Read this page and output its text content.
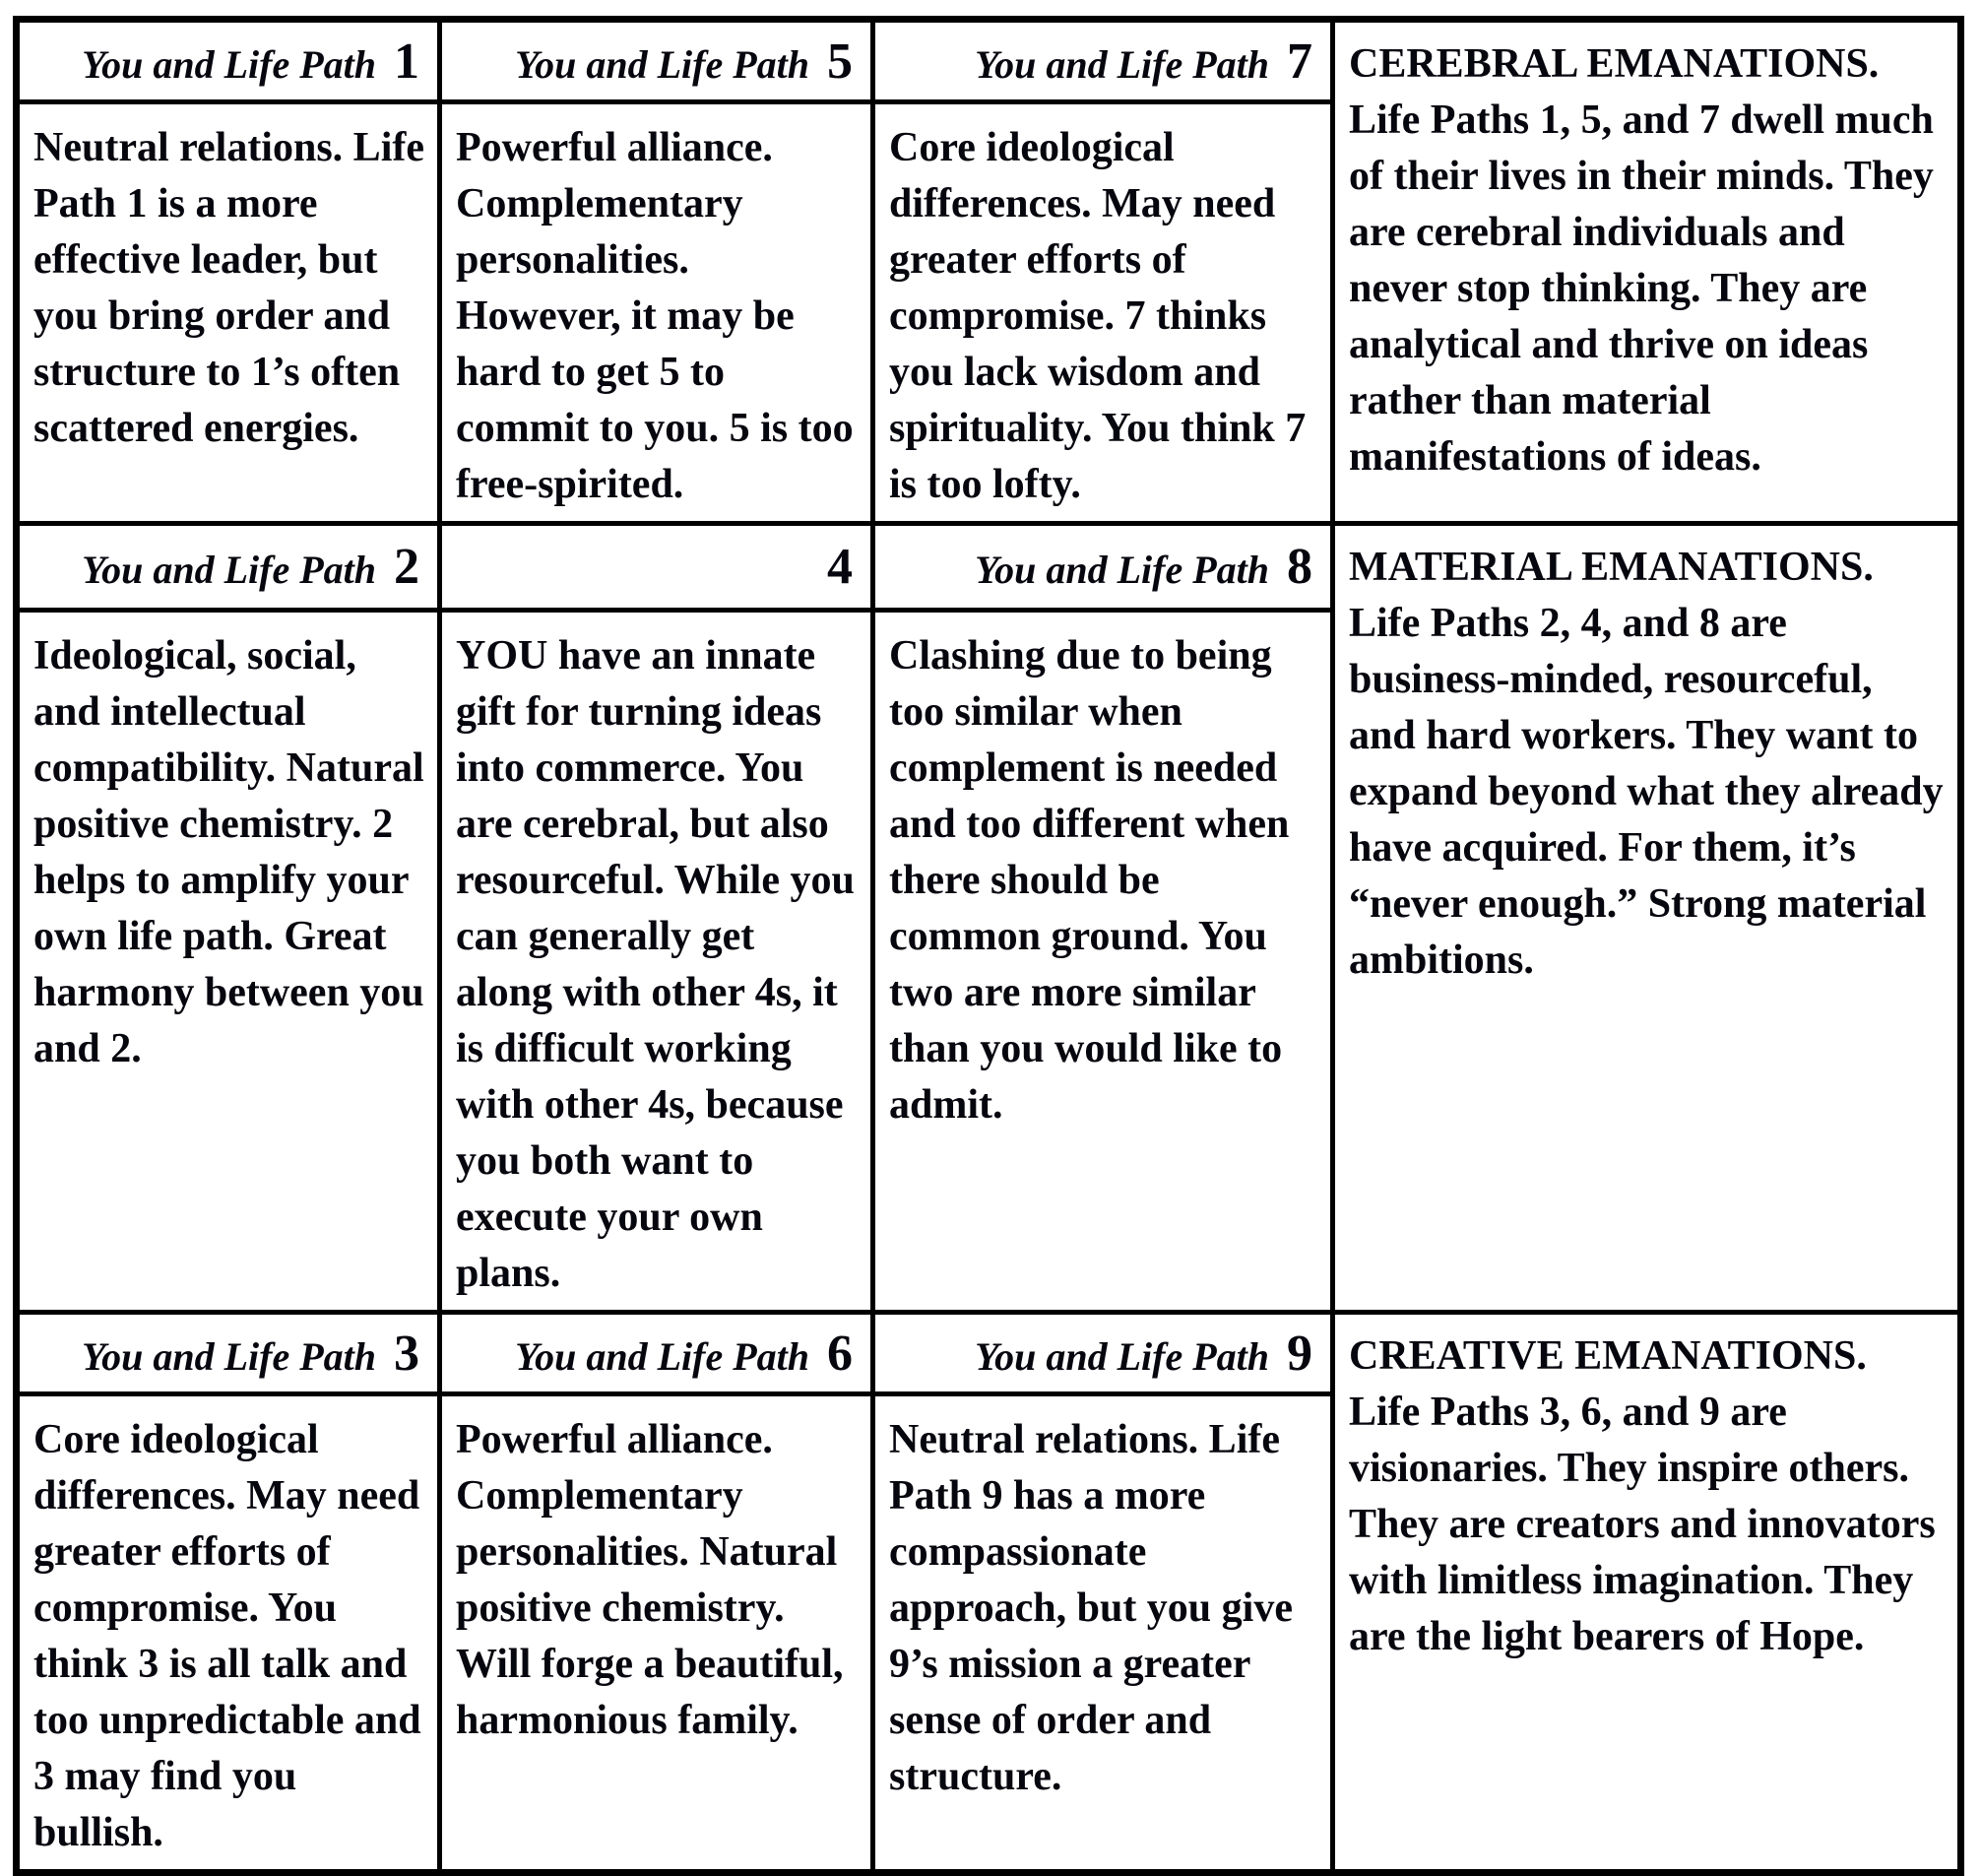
You and Life Path 1	You and Life Path 5	You and Life Path 7	CEREBRAL EMANATIONS. Life Paths 1, 5, and 7 dwell much of their lives in their minds. They are cerebral individuals and never stop thinking. They are analytical and thrive on ideas rather than material manifestations of ideas.
Neutral relations. Life Path 1 is a more effective leader, but you bring order and structure to 1’s often scattered energies.	Powerful alliance. Complementary personalities. However, it may be hard to get 5 to commit to you. 5 is too free-spirited.	Core ideological differences. May need greater efforts of compromise. 7 thinks you lack wisdom and spirituality. You think 7 is too lofty.	
You and Life Path 2	4	You and Life Path 8	MATERIAL EMANATIONS. Life Paths 2, 4, and 8 are business-minded, resourceful, and hard workers. They want to expand beyond what they already have acquired. For them, it’s “never enough.” Strong material ambitions.
Ideological, social, and intellectual compatibility. Natural positive chemistry. 2 helps to amplify your own life path. Great harmony between you and 2.	YOU have an innate gift for turning ideas into commerce. You are cerebral, but also resourceful. While you can generally get along with other 4s, it is difficult working with other 4s, because you both want to execute your own plans.	Clashing due to being too similar when complement is needed and too different when there should be common ground. You two are more similar than you would like to admit.	
You and Life Path 3	You and Life Path 6	You and Life Path 9	CREATIVE EMANATIONS. Life Paths 3, 6, and 9 are visionaries. They inspire others. They are creators and innovators with limitless imagination. They are the light bearers of Hope.
Core ideological differences. May need greater efforts of compromise. You think 3 is all talk and too unpredictable and 3 may find you bullish.	Powerful alliance. Complementary personalities. Natural positive chemistry. Will forge a beautiful, harmonious family.	Neutral relations. Life Path 9 has a more compassionate approach, but you give 9’s mission a greater sense of order and structure.	
